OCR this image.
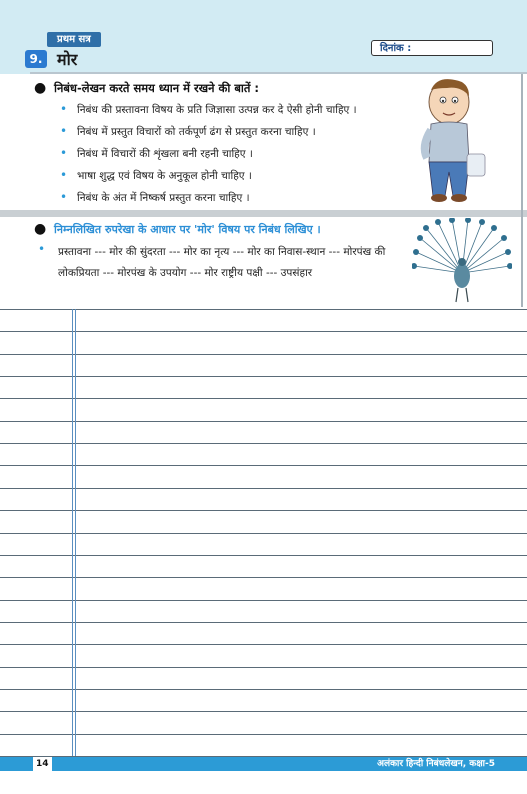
प्रथम सत्र
9. मोर
दिनांक :
● निबंध-लेखन करते समय ध्यान में रखने की बातें :
• निबंध की प्रस्तावना विषय के प्रति जिज्ञासा उत्पन्न कर दे ऐसी होनी चाहिए ।
• निबंध में प्रस्तुत विचारों को तर्कपूर्ण ढंग से प्रस्तुत करना चाहिए ।
• निबंध में विचारों की शृंखला बनी रहनी चाहिए ।
• भाषा शुद्ध एवं विषय के अनुकूल होनी चाहिए ।
• निबंध के अंत में निष्कर्ष प्रस्तुत करना चाहिए ।
● निम्नलिखित रुपरेखा के आधार पर 'मोर' विषय पर निबंध लिखिए ।
• प्रस्तावना --- मोर की सुंदरता --- मोर का नृत्य --- मोर का निवास-स्थान --- मोरपंख की लोकप्रियता --- मोरपंख के उपयोग --- मोर राष्ट्रीय पक्षी --- उपसंहार
14	अलंकार हिन्दी निबंधलेखन, कक्षा-5
